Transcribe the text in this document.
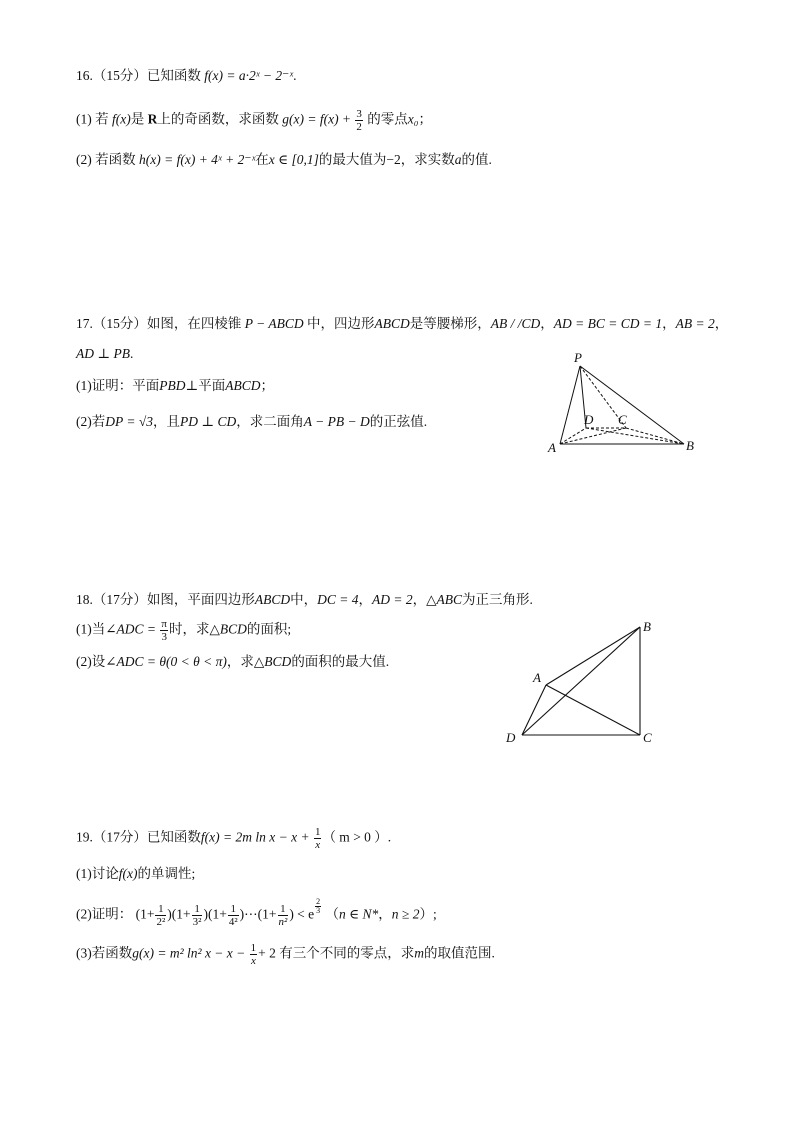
16.（15分）已知函数 f(x) = a·2ˣ − 2⁻ˣ.
(1) 若 f(x)是 R上的奇函数，求函数 $g(x) = f(x) + \frac{3}{2}$ 的零点x₀；
(2) 若函数 h(x) = f(x) + 4ˣ + 2⁻ˣ在x ∈ [0,1]的最大值为−2，求实数a的值.
17.（15分）如图，在四棱锥 P − ABCD 中，四边形ABCD是等腰梯形，AB / /CD，AD = BC = CD = 1，AB = 2，
AD ⊥ PB.
(1)证明：平面PBD⊥平面ABCD；
(2)若DP = √3，且PD ⊥ CD，求二面角A − PB − D的正弦值.
P
A	B
C
D
18.（17分）如图，平面四边形ABCD中，DC = 4，AD = 2，△ABC为正三角形.
(1)当∠ADC = $\frac{\pi}{3}$ 时，求△BCD的面积;
(2)设∠ADC = θ(0 < θ < π)，求△BCD的面积的最大值.
B
A
D	C
19.（17分）已知函数f(x) = 2m $\ln x - x + \frac{1}{x}$ （ m > 0 ）.
(1)讨论f(x)的单调性;
(2)证明： $(1+ \frac{1}{\text{2²}} )(1+ \frac{1}{\text{3²}} )(1+ \frac{1}{\text{4²}}$ )⋯(1+ $\frac{1}{\text{n²}}$ ) < e $\frac{2}{3} (n$ ∈ N*，n ≥ 2）;
(3)若函数g(x) = m² ln² $x - x - \frac{1}{x} + 2$ 有三个不同的零点，求m的取值范围.
